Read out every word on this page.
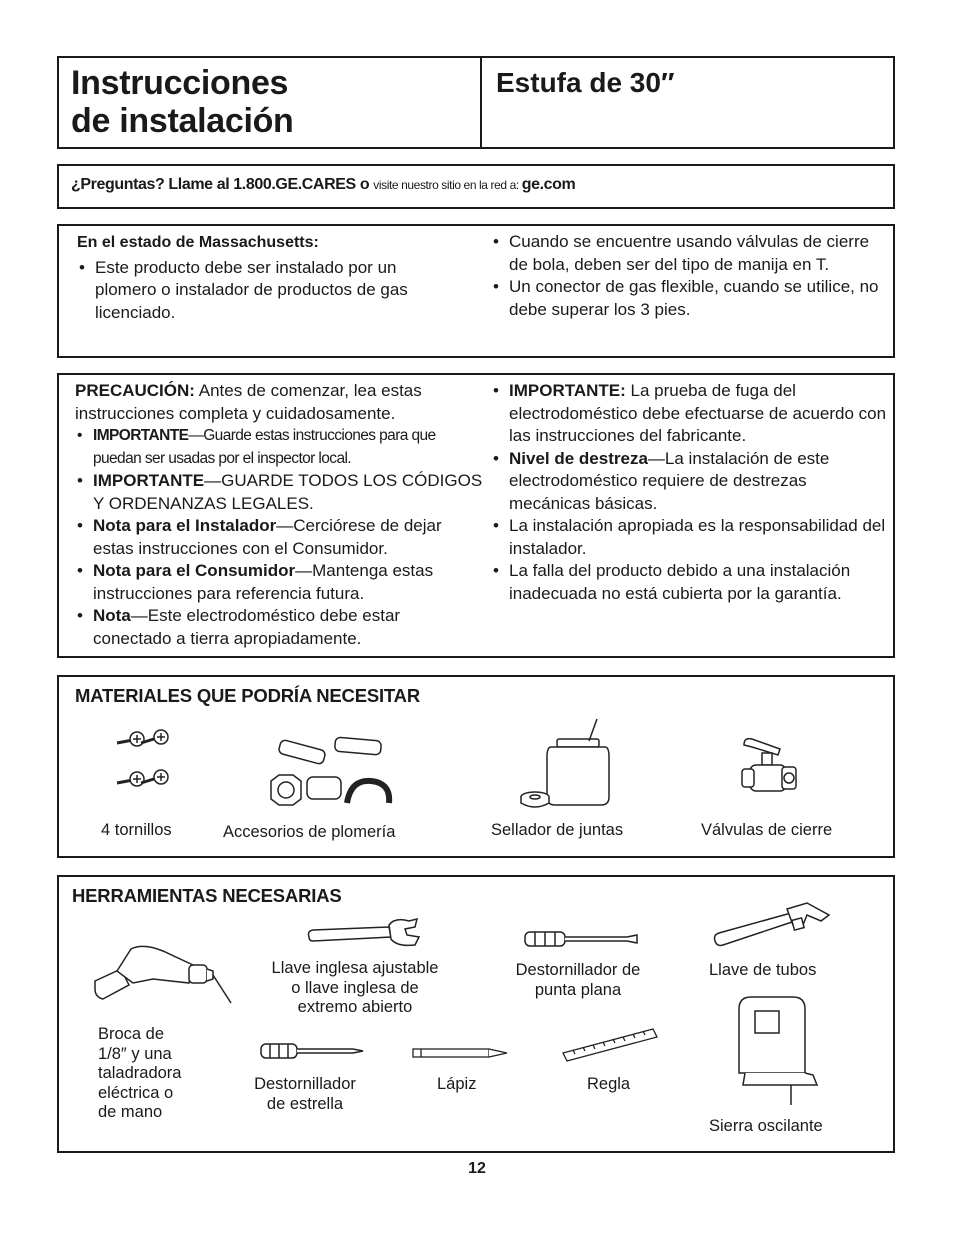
Instrucciones
de instalación
Estufa de 30″
¿Preguntas? Llame al 1.800.GE.CARES o visite nuestro sitio en la red a: ge.com

En el estado de Massachusetts:

• Este producto debe ser instalado por un plomero o instalador de productos de gas licenciado.
• Cuando se encuentre usando válvulas de cierre de bola, deben ser del tipo de manija en T.
• Un conector de gas flexible, cuando se utilice, no debe superar los 3 pies.

PRECAUCIÓN: Antes de comenzar, lea estas instrucciones completa y cuidadosamente.

• IMPORTANTE—Guarde estas instrucciones para que puedan ser usadas por el inspector local.
• IMPORTANTE—GUARDE TODOS LOS CÓDIGOS Y ORDENANZAS LEGALES.
• Nota para el Instalador—Cerciórese de dejar estas instrucciones con el Consumidor.
• Nota para el Consumidor—Mantenga estas instrucciones para referencia futura.
• Nota—Este electrodoméstico debe estar conectado a tierra apropiadamente.
• IMPORTANTE: La prueba de fuga del electrodoméstico debe efectuarse de acuerdo con las instrucciones del fabricante.
• Nivel de destreza—La instalación de este electrodoméstico requiere de destrezas mecánicas básicas.
• La instalación apropiada es la responsabilidad del instalador.
• La falla del producto debido a una instalación inadecuada no está cubierta por la garantía.
MATERIALES QUE PODRÍA NECESITAR
4 tornillos	Accesorios de plomería	Sellador de juntas	Válvulas de cierre
HERRAMIENTAS NECESARIAS
Broca de
1/8″ y una
taladradora
eléctrica o
de mano
Llave inglesa ajustable
o llave inglesa de
extremo abierto
Destornillador de
punta plana
Llave de tubos
Destornillador
de estrella
Lápiz	Regla
Sierra oscilante
12
